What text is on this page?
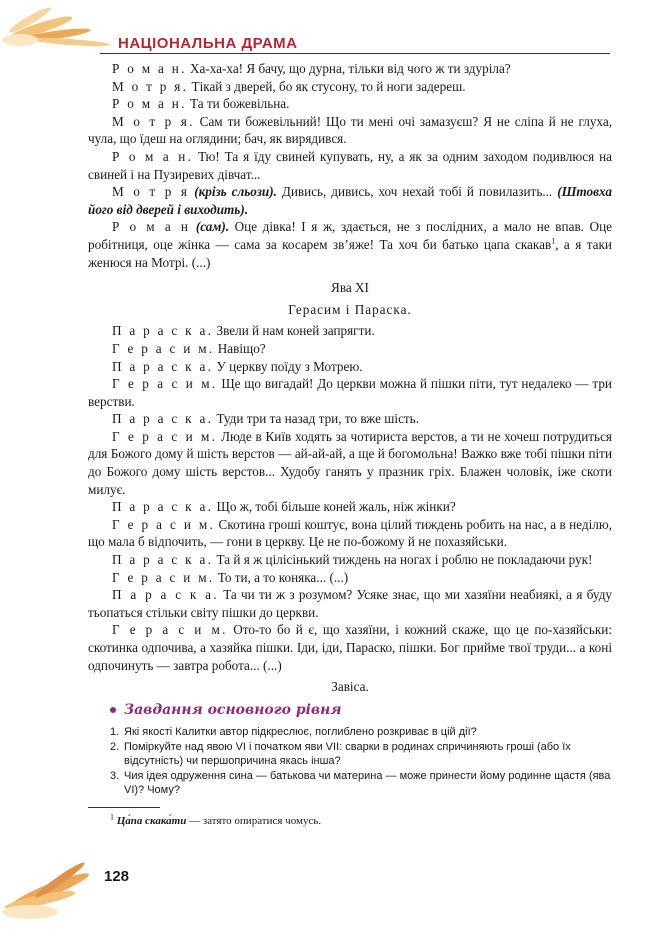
НАЦІОНАЛЬНА ДРАМА

Р о м а н. Ха-ха-ха! Я бачу, що дурна, тільки від чого ж ти здуріла?

М о т р я. Тікай з дверей, бо як стусону, то й ноги задереш.

Р о м а н. Та ти божевільна.

М о т р я. Сам ти божевільний! Що ти мені очі замазуєш? Я не сліпа й не глуха, чула, що їдеш на оглядини; бач, як вирядився.

Р о м а н. Тю! Та я їду свиней купувать, ну, а як за одним заходом подивлюся на свиней і на Пузиревих дівчат...

М о т р я (крізь сльози). Дивись, дивись, хоч нехай тобі й повилазить... (Штовха його від дверей і виходить).

Р о м а н (сам). Оце дівка! І я ж, здається, не з послідних, а мало не впав. Оце робітниця, оце жінка — сама за косарем зв’яже! Та хоч би батько цапа скакав$^1$, а я таки женюся на Мотрі. (...)

Ява XI
Герасим і Параска.

П а р а с к а. Звели й нам коней запрягти.

Г е р а с и м. Навіщо?

П а р а с к а. У церкву поїду з Мотрею.

Г е р а с и м. Ще що вигадай! До церкви можна й пішки піти, тут недалеко — три верстви.

П а р а с к а. Туди три та назад три, то вже шість.

Г е р а с и м. Люде в Київ ходять за чотириста верстов, а ти не хочеш потрудиться для Божого дому й шість верстов — ай-ай-ай, а ще й богомольна! Важко вже тобі пішки піти до Божого дому шість верстов... Худобу ганять у празник гріх. Блажен чоловік, іже скоти милує.

П а р а с к а. Що ж, тобі більше коней жаль, ніж жінки?

Г е р а с и м. Скотина гроші коштує, вона цілий тиждень робить на нас, а в неділю, що мала б відпочить, — гони в церкву. Це не по-божому й не похазяйськи.

П а р а с к а. Та й я ж цілісінький тиждень на ногах і роблю не покладаючи рук!

Г е р а с и м. То ти, а то коняка... (...)

П а р а с к а. Та чи ти ж з розумом? Усяке знає, що ми хазяїни неабиякі, а я буду тьопаться стільки світу пішки до церкви.

Г е р а с и м. Ото-то бо й є, що хазяїни, і кожний скаже, що це по-хазяйськи: скотинка одпочива, а хазяйка пішки. Іди, іди, Параско, пішки. Бог прийме твої труди... а коні одпочинуть — завтра робота... (...)

Завіса.
Завдання основного рівня
1. Які якості Калитки автор підкреслює, поглиблено розкриває в цій дії?
2. Поміркуйте над явою VI і початком яви VII: сварки в родинах спричиняють гроші (або їх відсутність) чи першопричина якась інша?
3. Чия ідея одруження сина — батькова чи материна — може принести йому родинне щастя (ява VI)? Чому?
$^1$ Ца́па скака́ти — затято опиратися чомусь.
128
